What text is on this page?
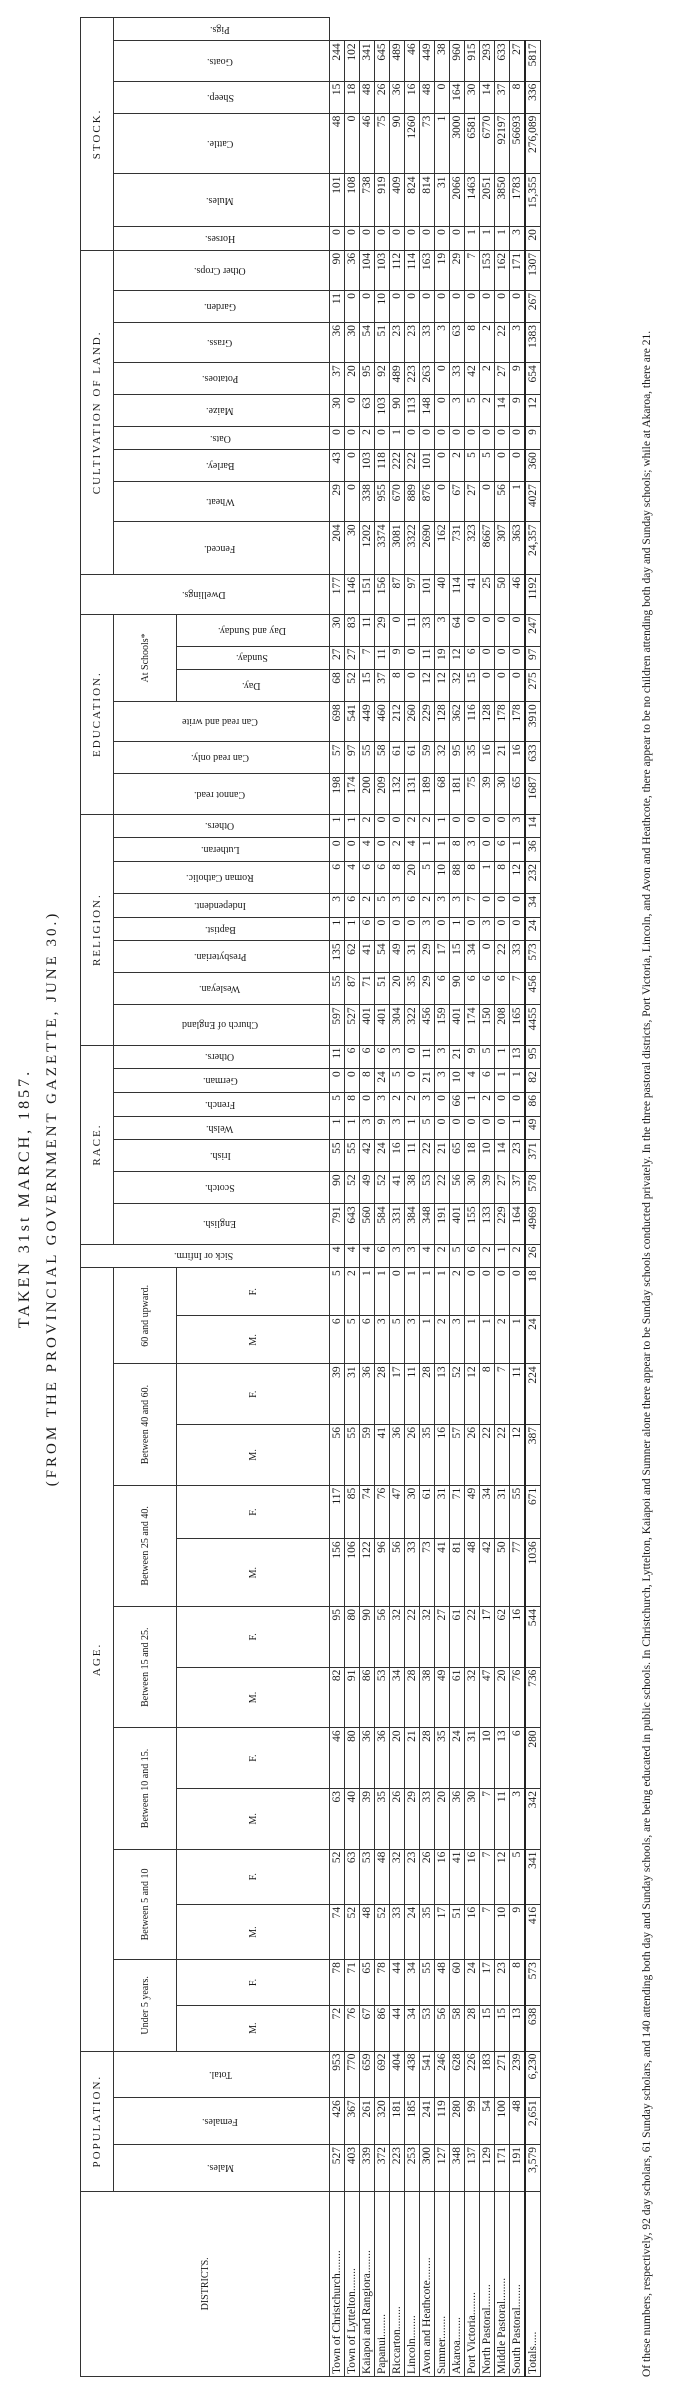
TAKEN 31st MARCH, 1857. (FROM THE PROVINCIAL GOVERNMENT GAZETTE, JUNE 30.)
DISTRICTS.	POPULATION.			AGE.														Sick or Infirm.	RACE.							RELIGION.								EDUCATION.						Dwellings.	CULTIVATION OF LAND.									STOCK.					
	Males.	Females.	Total.	Under 5 years.		Between 5 and 10		Between 10 and 15.		Between 15 and 25.		Between 25 and 40.		Between 40 and 60.		60 and upward.			English.	Scotch.	Irish.	Welsh.	French.	German.	Others.	Church of England	Wesleyan.	Presbyterian.	Baptist.	Independent.	Roman Catholic.	Lutheran.	Others.	Cannot read.	Can read only.	Can read and write	At Schools*				Fenced.	Wheat.	Barley.	Oats.	Maize.	Potatoes.	Grass.	Garden.	Other Crops.	Horses.	Mules.	Cattle.	Sheep.	Goats.	Pigs.
				M.	F.	M.	F.	M.	F.	M.	F.	M.	F.	M.	F.	M.	F.																				Day.	Sunday.	Day and Sunday.																
Town of Christchurch........	527	426	953	72	78	74	52	63	46	82	95	156	117	56	39	6	5	4	791	90	55	1	5	0	11	597	55	135	1	3	6	0	1	198	57	698	68	27	30	177	204	29	43	0	30	37	36	11	90	0	101	48	15	244	
Town of Lyttelton........	403	367	770	76	71	52	63	40	80	91	80	106	85	55	31	5	2	4	643	52	55	1	8	0	6	527	87	62	1	6	4	0	1	174	97	541	52	27	83	146	30	0	0	0	0	20	30	0	36	0	108	0	18	102	
Kaiapoi and Rangiora........	339	261	659	67	65	48	53	39	36	86	90	122	74	59	36	6	1	4	560	49	42	3	0	8	6	401	71	41	6	2	6	4	2	200	55	449	15	7	11	151	1202	338	103	2	63	95	54	0	104	0	738	46	48	341	
Papanui........	372	320	692	86	78	52	48	35	36	53	56	96	76	41	28	3	1	6	584	52	24	9	3	24	6	401	51	54	0	5	6	0	0	209	58	460	37	11	29	156	3374	955	118	0	103	92	51	10	103	0	919	75	26	645	
Riccarton........	223	181	404	44	44	33	32	26	20	34	32	56	47	36	17	5	0	3	331	41	16	3	2	5	3	304	20	49	0	3	8	2	0	132	61	212	8	9	0	87	3081	670	222	1	90	489	23	0	112	0	409	90	36	489	
Lincoln........	253	185	438	34	34	24	23	29	21	28	22	33	30	26	11	3	1	3	384	38	11	1	2	0	0	322	35	31	0	6	20	4	2	131	61	260	0	0	11	97	3322	889	222	0	113	223	23	0	114	0	824	1260	16	46	
Avon and Heathcote........	300	241	541	53	55	35	26	33	28	38	32	73	61	35	28	1	1	4	348	53	22	5	3	21	11	456	29	29	3	2	5	1	2	189	59	229	12	11	33	101	2690	876	101	0	148	263	33	0	163	0	814	73	48	449	
Sumner........	127	119	246	56	48	17	16	20	35	49	27	41	31	16	13	2	1	2	191	22	21	0	0	3	3	159	6	17	0	3	10	1	1	68	32	128	12	19	3	40	162	0	0	0	0	0	3	0	19	0	31	1	0	38	
Akaroa........	348	280	628	58	60	51	41	36	24	61	61	81	71	57	52	3	2	5	401	56	65	0	66	10	21	401	90	15	1	3	88	8	0	181	95	362	32	12	64	114	731	67	2	0	3	33	63	0	29	0	2066	3000	164	960	
Port Victoria........	137	99	226	28	24	16	16	30	31	32	22	48	49	26	12	1	0	6	155	30	18	0	1	4	9	174	6	34	0	7	8	3	0	75	35	116	15	6	0	41	323	27	5	0	5	42	8	0	7	1	1463	6581	30	915	
North Pastoral........	129	54	183	15	17	7	7	7	10	47	17	42	34	22	8	1	0	2	133	39	10	0	2	6	5	150	6	0	3	0	1	0	0	39	16	128	0	0	0	25	8667	0	5	0	2	2	2	0	153	1	2051	6770	14	293	
Middle Pastoral........	171	100	271	15	23	10	12	11	13	20	62	50	31	22	7	2	0	1	229	27	14	0	0	1	1	208	6	22	0	0	8	6	0	30	21	178	0	0	0	50	307	56	0	0	14	27	22	0	162	1	3850	92197	37	633	
South Pastoral........	191	48	239	13	8	9	5	3	6	76	16	77	55	12	11	1	0	2	164	37	23	1	0	1	13	165	7	33	0	0	12	1	3	65	16	178	0	0	0	46	363	1	0	0	9	9	3	0	171	3	1783	56693	8	27	
Totals.....	3,579	2,651	6,230	638	573	416	341	342	280	736	544	1036	671	387	224	24	18	26	4969	578	371	49	86	82	95	4455	456	573	24	34	232	36	14	1687	633	3910	275	97	247	1192	24,357	4027	360	9	12	654	1383	267	1307	20	15,355	276,089	336	5817	
Of these numbers, respectively, 92 day scholars, 61 Sunday scholars, and 140 attending both day and Sunday schools, are being educated in public schools. In Christchurch, Lyttelton, Kaiapoi and Sumner alone there appear to be Sunday schools conducted privately. In the three pastoral districts, Port Victoria, Lincoln, and Avon and Heathcote, there appear to be no children attending both day and Sunday schools; while at Akaroa, there are 21.
